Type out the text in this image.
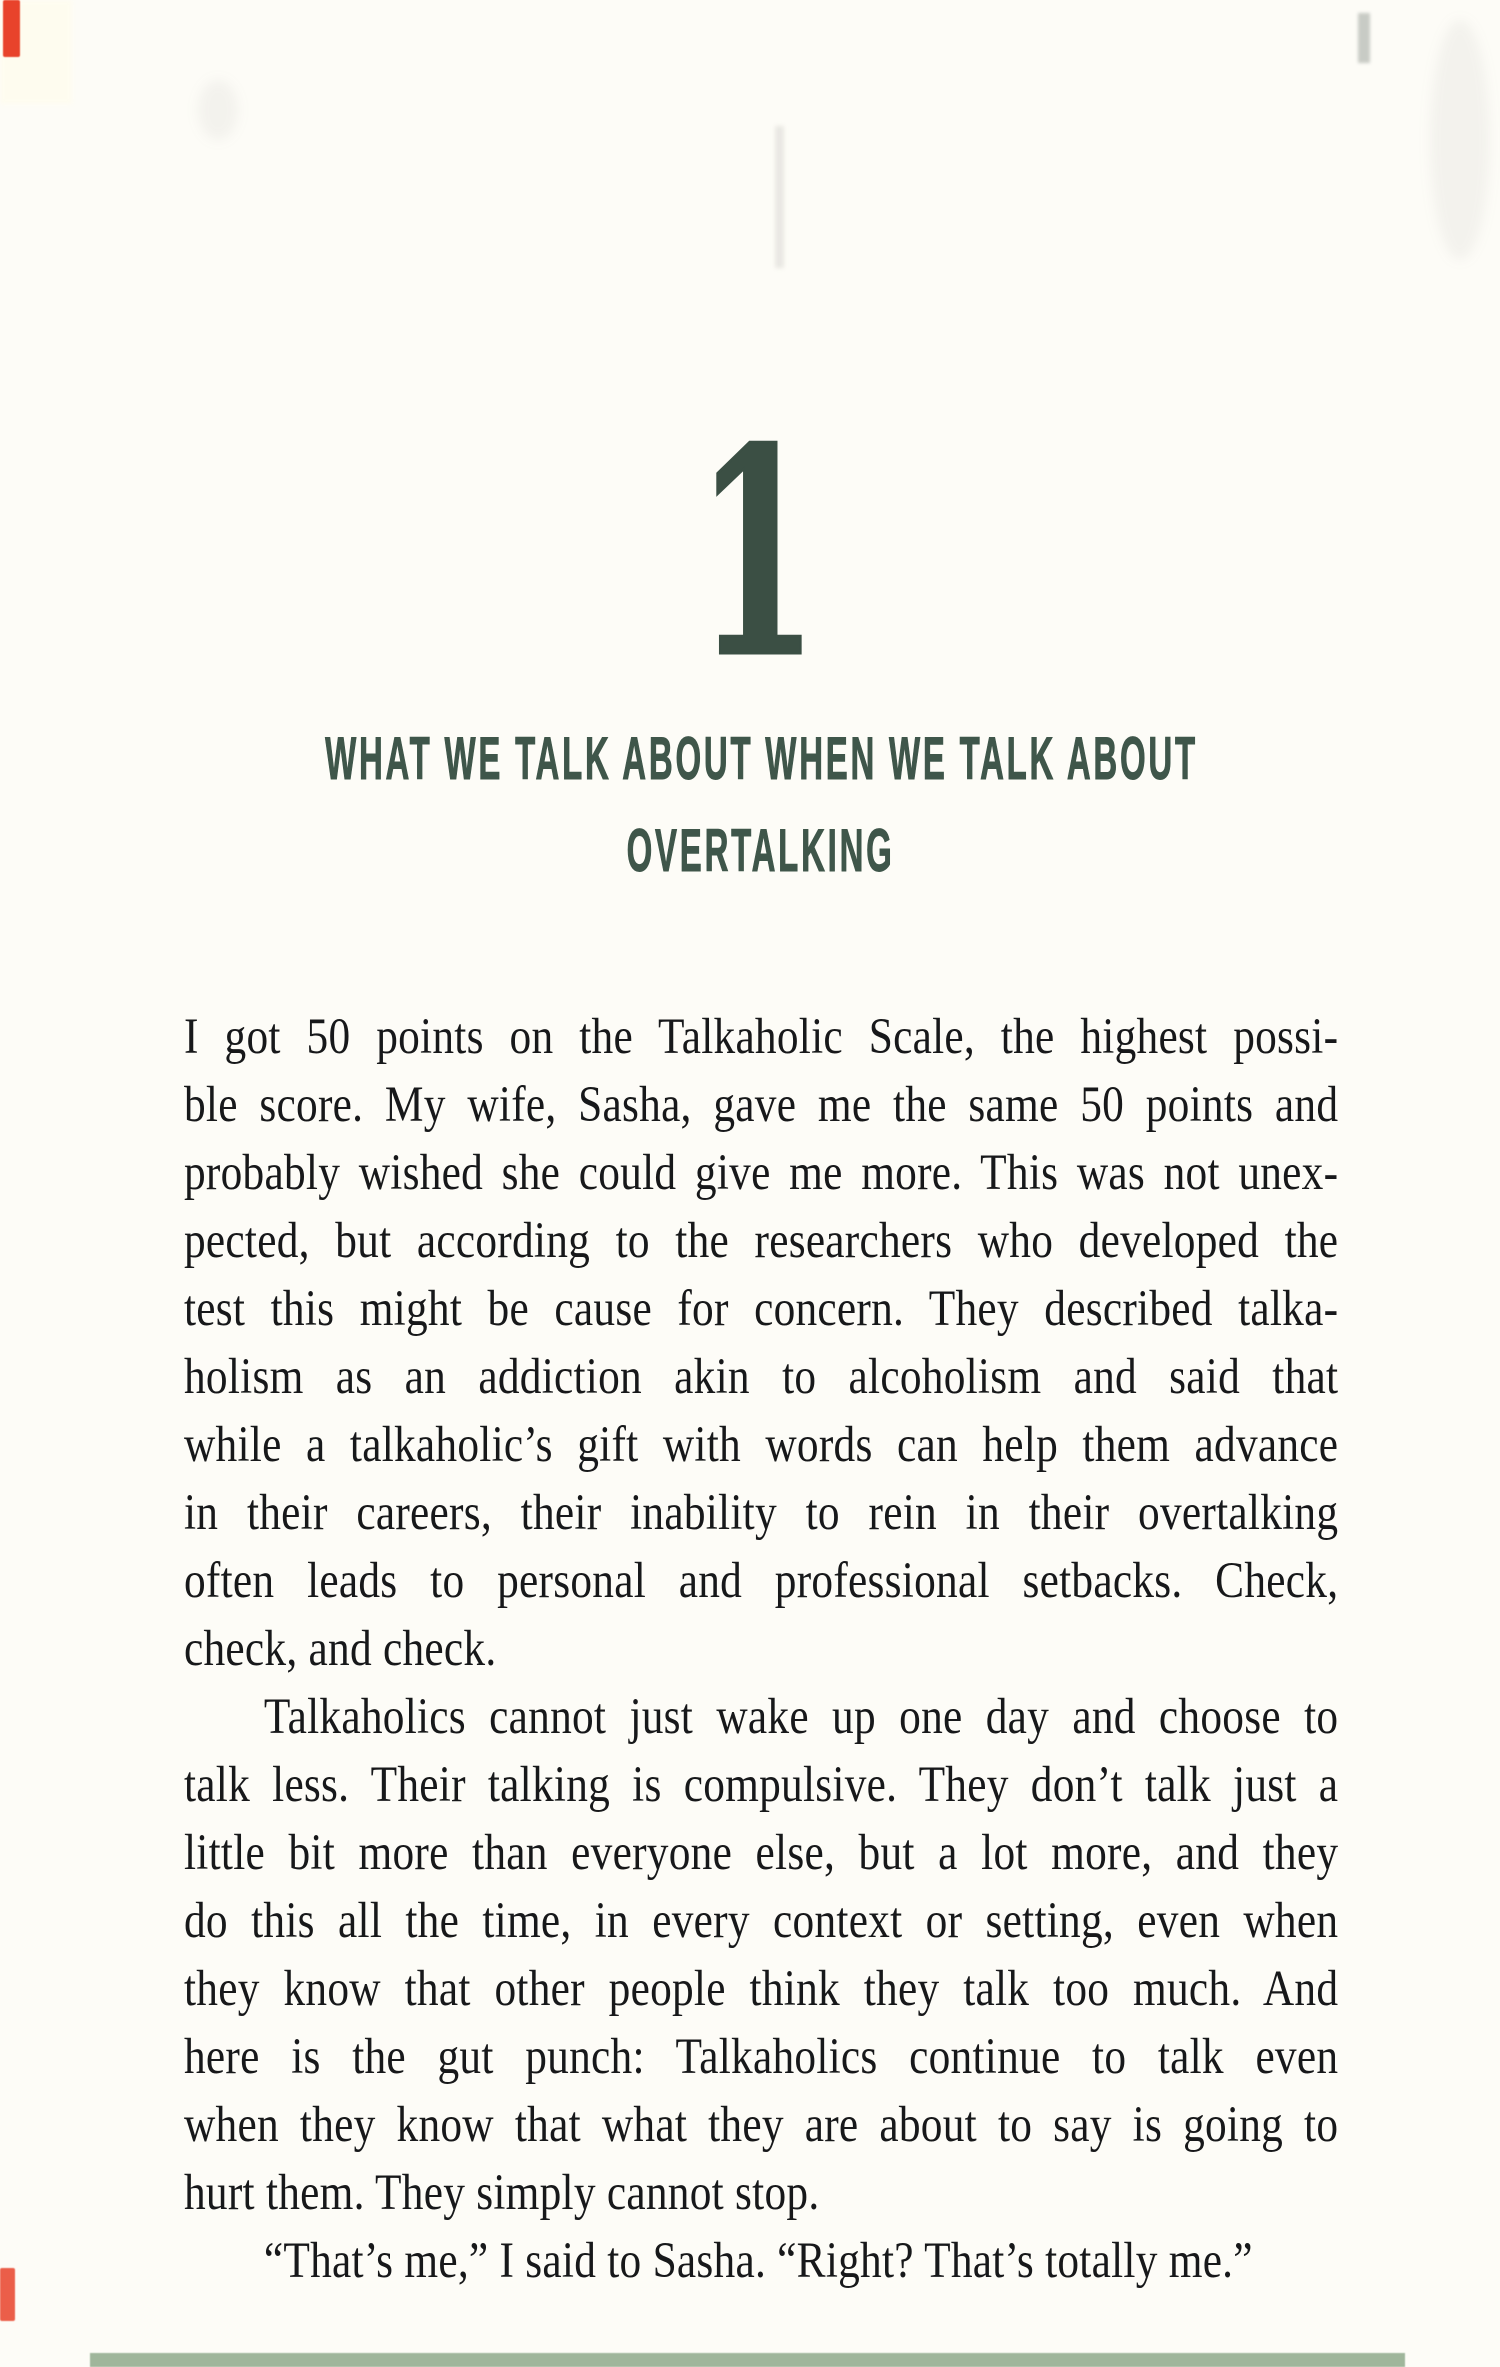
1
WHAT WE TALK ABOUT WHEN WE TALK ABOUT
OVERTALKING
I got 50 points on the Talkaholic Scale, the highest possi-
ble score. My wife, Sasha, gave me the same 50 points and
probably wished she could give me more. This was not unex-
pected, but according to the researchers who developed the
test this might be cause for concern. They described talka-
holism as an addiction akin to alcoholism and said that
while a talkaholic’s gift with words can help them advance
in their careers, their inability to rein in their overtalking
often leads to personal and professional setbacks. Check,
check, and check.
Talkaholics cannot just wake up one day and choose to
talk less. Their talking is compulsive. They don’t talk just a
little bit more than everyone else, but a lot more, and they
do this all the time, in every context or setting, even when
they know that other people think they talk too much. And
here is the gut punch: Talkaholics continue to talk even
when they know that what they are about to say is going to
hurt them. They simply cannot stop.
“That’s me,” I said to Sasha. “Right? That’s totally me.”
